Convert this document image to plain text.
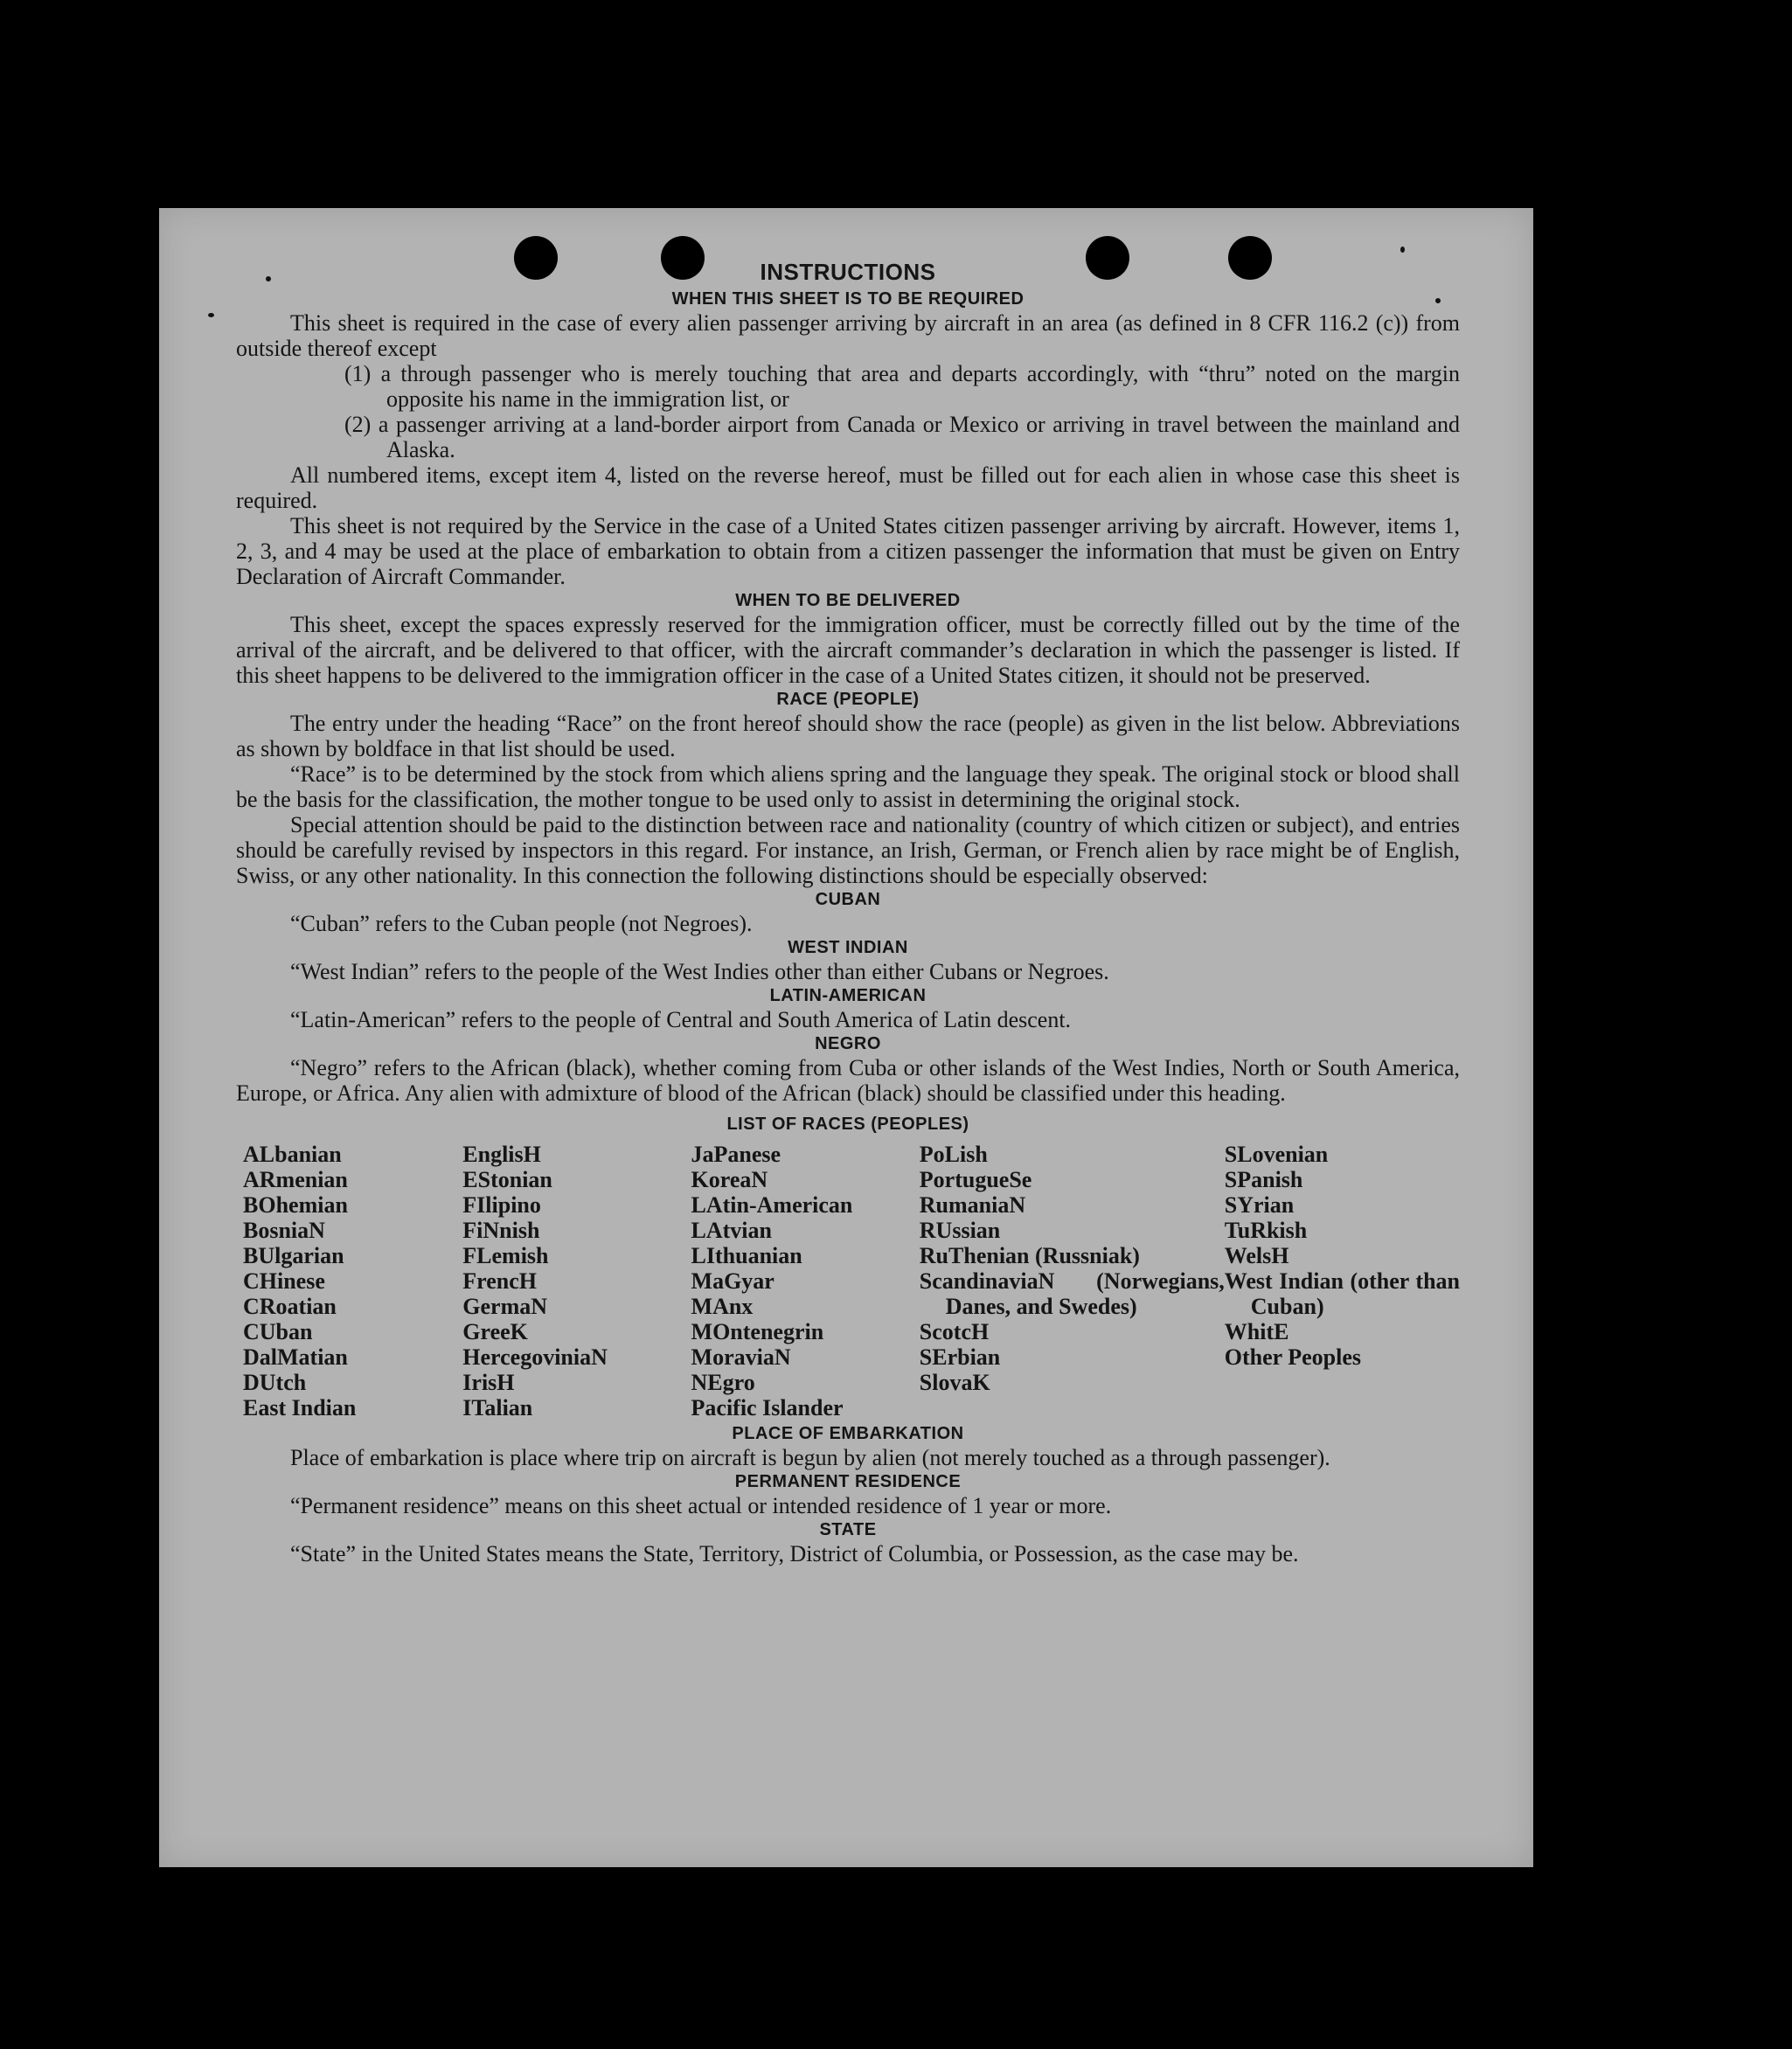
INSTRUCTIONS
WHEN THIS SHEET IS TO BE REQUIRED

This sheet is required in the case of every alien passenger arriving by aircraft in an area (as defined in 8 CFR 116.2 (c)) from outside thereof except

(1) a through passenger who is merely touching that area and departs accordingly, with “thru” noted on the margin opposite his name in the immigration list, or

(2) a passenger arriving at a land-border airport from Canada or Mexico or arriving in travel between the mainland and Alaska.

All numbered items, except item 4, listed on the reverse hereof, must be filled out for each alien in whose case this sheet is required.

This sheet is not required by the Service in the case of a United States citizen passenger arriving by aircraft. However, items 1, 2, 3, and 4 may be used at the place of embarkation to obtain from a citizen passenger the information that must be given on Entry Declaration of Aircraft Commander.

WHEN TO BE DELIVERED

This sheet, except the spaces expressly reserved for the immigration officer, must be correctly filled out by the time of the arrival of the aircraft, and be delivered to that officer, with the aircraft commander’s declaration in which the passenger is listed. If this sheet happens to be delivered to the immigration officer in the case of a United States citizen, it should not be preserved.

RACE (PEOPLE)

The entry under the heading “Race” on the front hereof should show the race (people) as given in the list below. Abbreviations as shown by boldface in that list should be used.

“Race” is to be determined by the stock from which aliens spring and the language they speak. The original stock or blood shall be the basis for the classification, the mother tongue to be used only to assist in determining the original stock.

Special attention should be paid to the distinction between race and nationality (country of which citizen or subject), and entries should be carefully revised by inspectors in this regard. For instance, an Irish, German, or French alien by race might be of English, Swiss, or any other nationality. In this connection the following distinctions should be especially observed:

CUBAN

“Cuban” refers to the Cuban people (not Negroes).

WEST INDIAN

“West Indian” refers to the people of the West Indies other than either Cubans or Negroes.

LATIN-AMERICAN

“Latin-American” refers to the people of Central and South America of Latin descent.

NEGRO

“Negro” refers to the African (black), whether coming from Cuba or other islands of the West Indies, North or South America, Europe, or Africa. Any alien with admixture of blood of the African (black) should be classified under this heading.

LIST OF RACES (PEOPLES)
ALbanian
ARmenian
BOhemian
BosniaN
BUlgarian
CHinese
CRoatian
CUban
DalMatian
DUtch
East Indian
EnglisH
EStonian
FIlipino
FiNnish
FLemish
FrencH
GermaN
GreeK
HercegoviniaN
IrisH
ITalian
JaPanese
KoreaN
LAtin-American
LAtvian
LIthuanian
MaGyar
MAnx
MOntenegrin
MoraviaN
NEgro
Pacific Islander
PoLish
PortugueSe
RumaniaN
RUssian
RuThenian (Russniak)
ScandinaviaN (Norwegians, Danes, and Swedes)
ScotcH
SErbian
SlovaK
SLovenian
SPanish
SYrian
TuRkish
WelsH
West Indian (other than Cuban)
WhitE
Other Peoples
PLACE OF EMBARKATION

Place of embarkation is place where trip on aircraft is begun by alien (not merely touched as a through passenger).

PERMANENT RESIDENCE

“Permanent residence” means on this sheet actual or intended residence of 1 year or more.

STATE

“State” in the United States means the State, Territory, District of Columbia, or Possession, as the case may be.
